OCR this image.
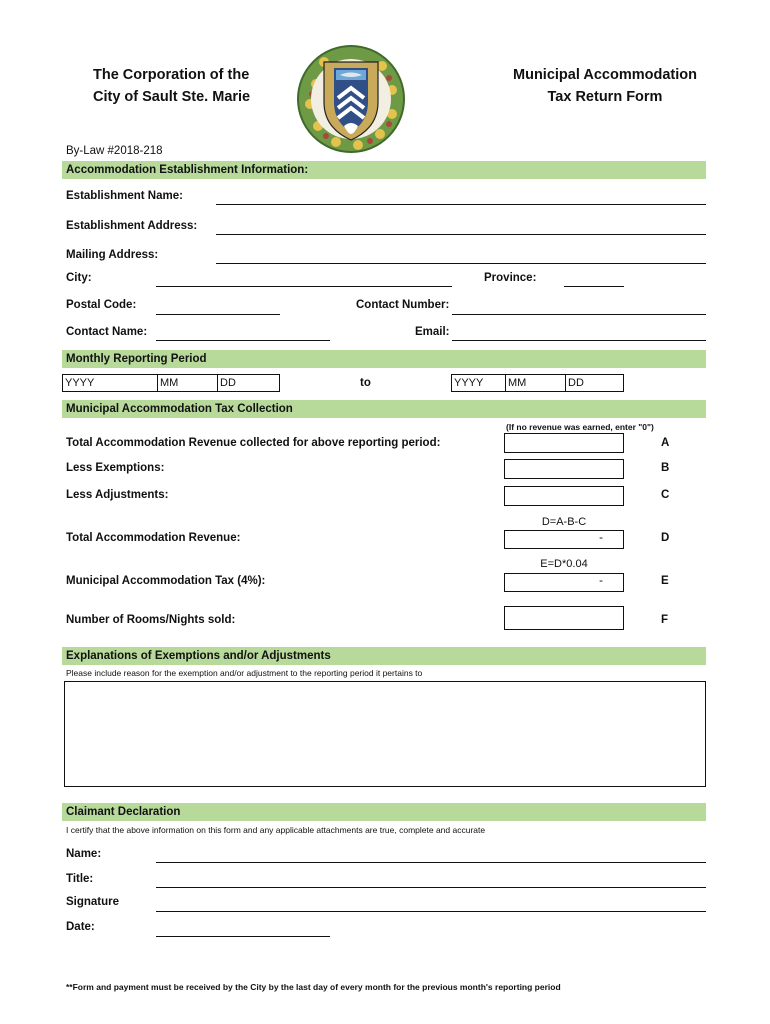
The Corporation of the
City of Sault Ste. Marie
Municipal Accommodation
Tax Return Form
By-Law #2018-218
Accommodation Establishment Information:
Establishment Name:
Establishment Address:
Mailing Address:
City:	Province:
Postal Code:	Contact Number:
Contact Name:	Email:
Monthly Reporting Period
YYYY	MM	DD	to	YYYY	MM	DD
Municipal Accommodation Tax Collection
(If no revenue was earned, enter "0")
Total Accommodation Revenue collected for above reporting period:	A
Less Exemptions:	B
Less Adjustments:	C
D=A-B-C
Total Accommodation Revenue:	-	D
E=D*0.04
Municipal Accommodation Tax (4%):	-	E
Number of Rooms/Nights sold:	F
Explanations of Exemptions and/or Adjustments
Please include reason for the exemption and/or adjustment to the reporting period it pertains to
Claimant Declaration
I certify that the above information on this form and any applicable attachments are true, complete and accurate
Name:
Title:
Signature
Date:
**Form and payment must be received by the City by the last day of every month for the previous month's reporting period
